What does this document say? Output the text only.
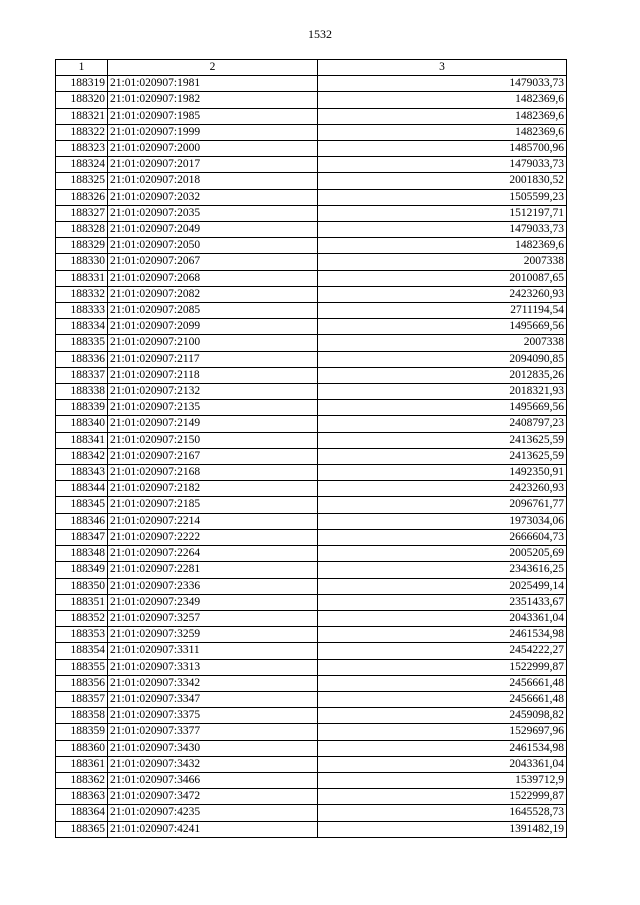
1532
1	2	3
188319	21:01:020907:1981	1479033,73
188320	21:01:020907:1982	1482369,6
188321	21:01:020907:1985	1482369,6
188322	21:01:020907:1999	1482369,6
188323	21:01:020907:2000	1485700,96
188324	21:01:020907:2017	1479033,73
188325	21:01:020907:2018	2001830,52
188326	21:01:020907:2032	1505599,23
188327	21:01:020907:2035	1512197,71
188328	21:01:020907:2049	1479033,73
188329	21:01:020907:2050	1482369,6
188330	21:01:020907:2067	2007338
188331	21:01:020907:2068	2010087,65
188332	21:01:020907:2082	2423260,93
188333	21:01:020907:2085	2711194,54
188334	21:01:020907:2099	1495669,56
188335	21:01:020907:2100	2007338
188336	21:01:020907:2117	2094090,85
188337	21:01:020907:2118	2012835,26
188338	21:01:020907:2132	2018321,93
188339	21:01:020907:2135	1495669,56
188340	21:01:020907:2149	2408797,23
188341	21:01:020907:2150	2413625,59
188342	21:01:020907:2167	2413625,59
188343	21:01:020907:2168	1492350,91
188344	21:01:020907:2182	2423260,93
188345	21:01:020907:2185	2096761,77
188346	21:01:020907:2214	1973034,06
188347	21:01:020907:2222	2666604,73
188348	21:01:020907:2264	2005205,69
188349	21:01:020907:2281	2343616,25
188350	21:01:020907:2336	2025499,14
188351	21:01:020907:2349	2351433,67
188352	21:01:020907:3257	2043361,04
188353	21:01:020907:3259	2461534,98
188354	21:01:020907:3311	2454222,27
188355	21:01:020907:3313	1522999,87
188356	21:01:020907:3342	2456661,48
188357	21:01:020907:3347	2456661,48
188358	21:01:020907:3375	2459098,82
188359	21:01:020907:3377	1529697,96
188360	21:01:020907:3430	2461534,98
188361	21:01:020907:3432	2043361,04
188362	21:01:020907:3466	1539712,9
188363	21:01:020907:3472	1522999,87
188364	21:01:020907:4235	1645528,73
188365	21:01:020907:4241	1391482,19
